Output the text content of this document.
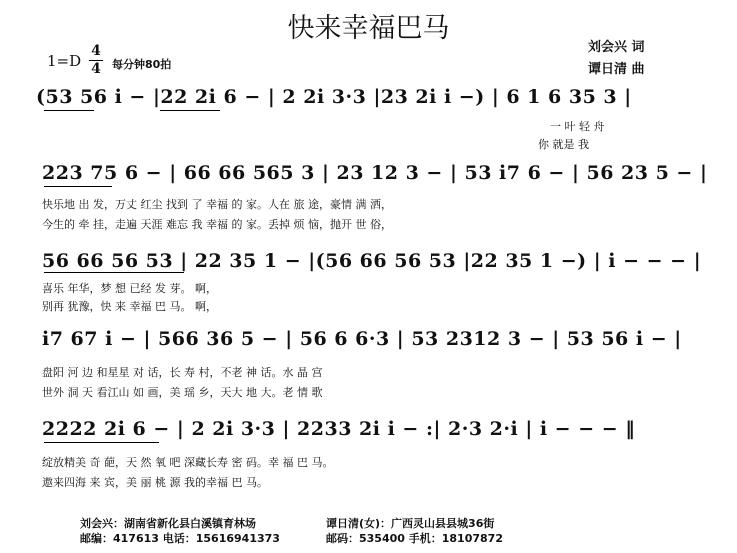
快来幸福巴马
刘会兴 词
谭日清 曲
1=D
4
4 每分钟80拍
(53 56 i − |22 2i 6 − | 2 2i 3·3 |23 2i i −) | 6 1 6 35 3 |
一 叶 轻 舟
你 就是 我
223 75 6 − | 66 66 565 3 | 23 12 3 − | 53 i7 6 − | 56 23 5 − |
快乐地 出 发，万丈 红尘 找到 了 幸福 的 家。人在 旅 途，豪情 满 洒，
今生的 牵 挂，走遍 天涯 难忘 我 幸福 的 家。丢掉 烦 恼，抛开 世 俗，
56 66 56 53 | 22 35 1 − |(56 66 56 53 |22 35 1 −) | i − − − |
喜乐 年华，梦 想 已经 发 芽。 啊，
别再 犹豫，快 来 幸福 巴 马。 啊，
i7 67 i − | 566 36 5 − | 56 6 6·3 | 53 2312 3 − | 53 56 i − |
盘阳 河 边 和星星 对 话，长 寿 村，不老 神 话。水 晶 宫
世外 洞 天 看江山 如 画，美 瑶 乡，天大 地 大。老 情 歌
2222 2i 6 − | 2 2i 3·3 | 2233 2i i − :| 2·3 2·i | i − − − ‖
绽放精美 奇 葩，天 然 氧 吧 深藏长寿 密 码。幸 福 巴 马。
遨来四海 来 宾，美 丽 桃 源 我的幸福 巴 马。
刘会兴：湖南省新化县白溪镇育林场
邮编：417613 电话：15616941373
谭日清(女)：广西灵山县县城36街
邮码：535400 手机：18107872
